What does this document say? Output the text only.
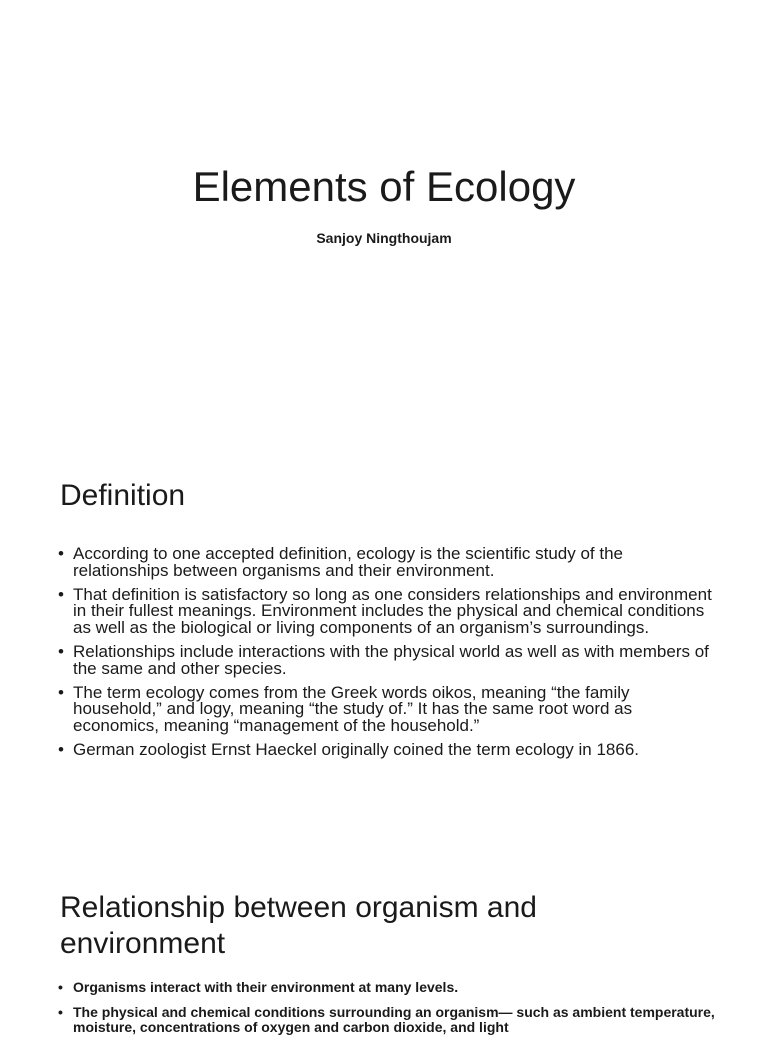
Elements of Ecology

Sanjoy Ningthoujam

Definition
• According to one accepted definition, ecology is the scientific study of the relationships between organisms and their environment.
• That definition is satisfactory so long as one considers relationships and environment in their fullest meanings. Environment includes the physical and chemical conditions as well as the biological or living components of an organism’s surroundings.
• Relationships include interactions with the physical world as well as with members of the same and other species.
• The term ecology comes from the Greek words oikos, meaning “the family household,” and logy, meaning “the study of.” It has the same root word as economics, meaning “management of the household.”
• German zoologist Ernst Haeckel originally coined the term ecology in 1866.
Relationship between organism and environment
• Organisms interact with their environment at many levels.
• The physical and chemical conditions surrounding an organism— such as ambient temperature, moisture, concentrations of oxygen and carbon dioxide, and light
